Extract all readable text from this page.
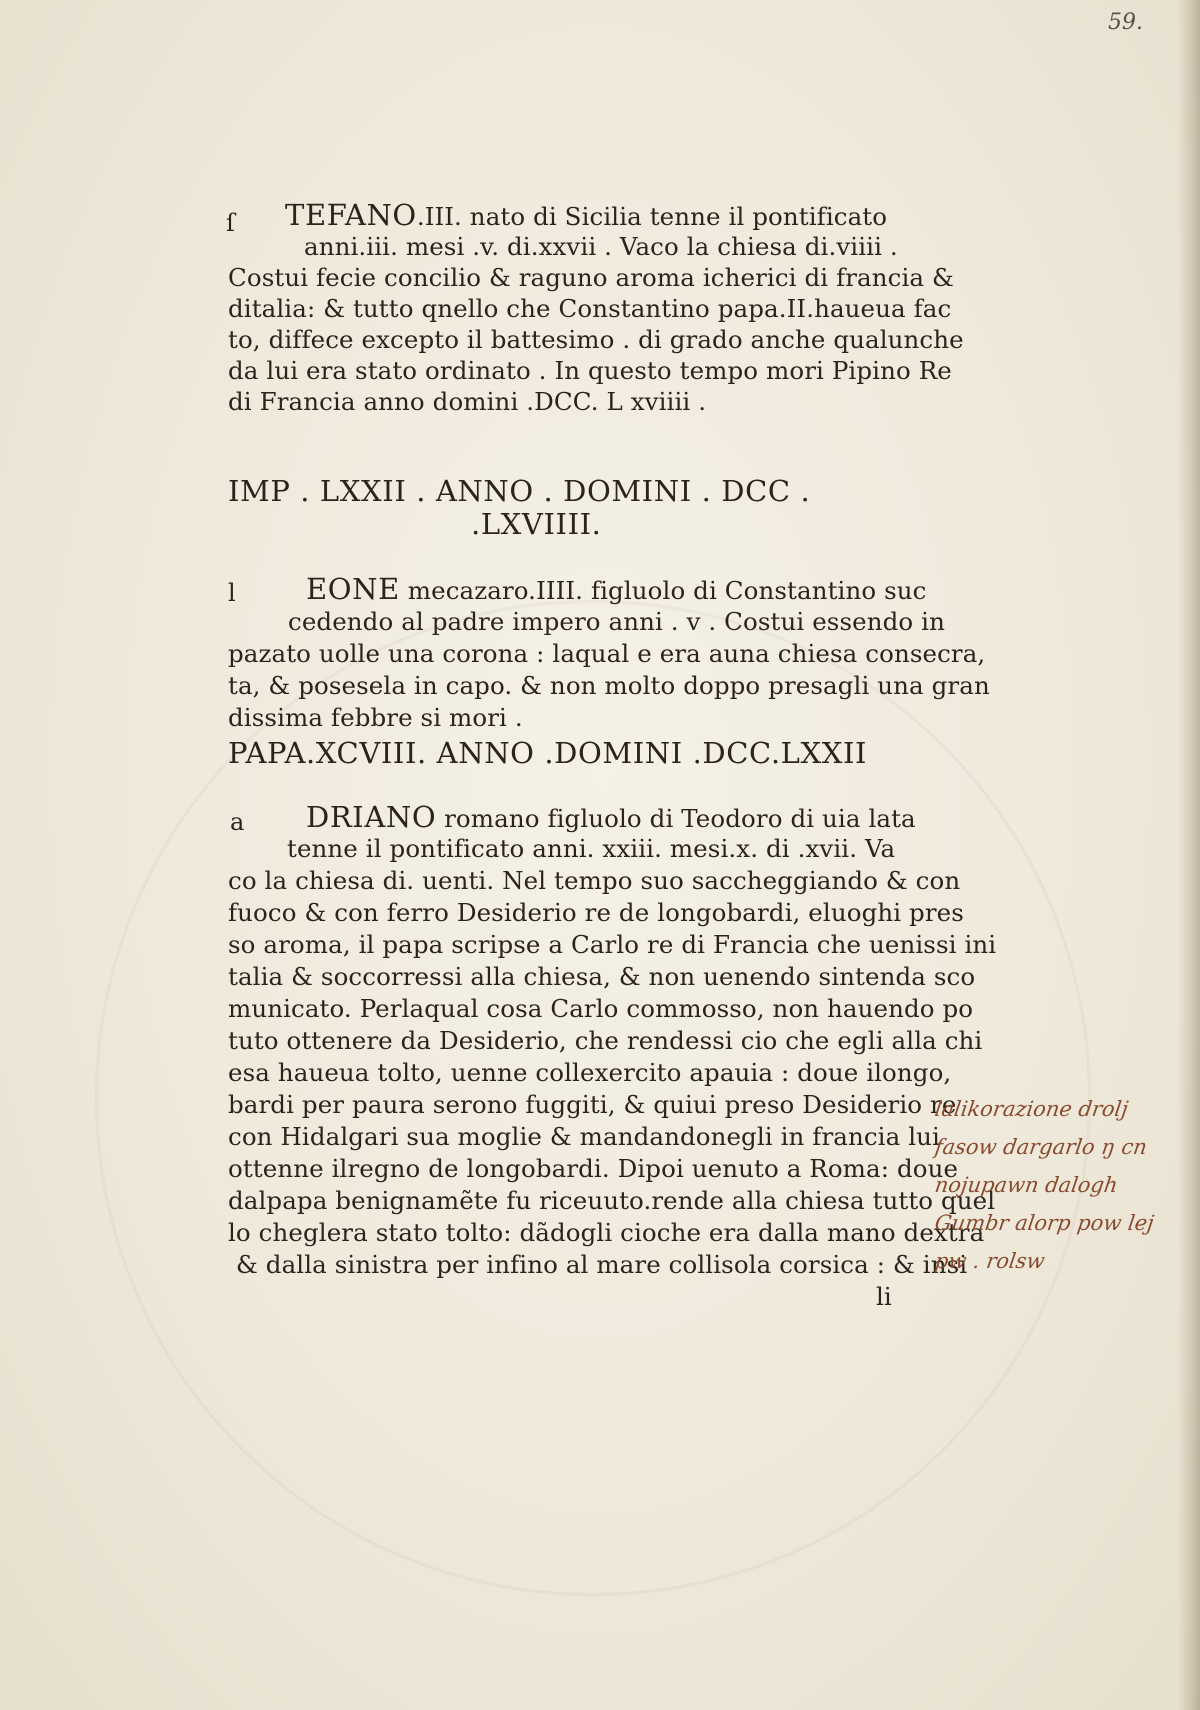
59.
ſ TEFANO.III. nato di Sicilia tenne il pontificato
anni.iii. mesi .v. di.xxvii . Vaco la chiesa di.viiii .
Costui fecie concilio & raguno aroma icherici di francia &
ditalia: & tutto qnello che Constantino papa.II.haueua fac
to, diffece excepto il battesimo . di grado anche qualunche
da lui era stato ordinato . In questo tempo mori Pipino Re
di Francia anno domini .DCC. L xviiii .
IMP . LXXII . ANNO . DOMINI . DCC .
.LXVIIII.
l EONE mecazaro.IIII. figluolo di Constantino suc
cedendo al padre impero anni . v . Costui essendo in
pazato uolle una corona : laqual e era auna chiesa consecra,
ta, & posesela in capo. & non molto doppo presagli una gran
dissima febbre si mori .
PAPA.XCVIII. ANNO .DOMINI .DCC.LXXII
a DRIANO romano figluolo di Teodoro di uia lata
tenne il pontificato anni. xxiii. mesi.x. di .xvii. Va
co la chiesa di. uenti. Nel tempo suo saccheggiando & con
fuoco & con ferro Desiderio re de longobardi, eluoghi pres
so aroma, il papa scripse a Carlo re di Francia che uenissi ini
talia & soccorressi alla chiesa, & non uenendo sintenda sco
municato. Perlaqual cosa Carlo commosso, non hauendo po
tuto ottenere da Desiderio, che rendessi cio che egli alla chi
esa haueua tolto, uenne collexercito apauia : doue ilongo,
bardi per paura serono fuggiti, & quiui preso Desiderio re
con Hidalgari sua moglie & mandandonegli in francia lui
ottenne ilregno de longobardi. Dipoi uenuto a Roma: doue
dalpapa benignamẽte fu riceuuto.rende alla chiesa tutto quel
lo cheglera stato tolto: dãdogli cioche era dalla mano dextra
& dalla sinistra per infino al mare collisola corsica : & insi
li
lalikorazione drolj
fasow dargarlo ŋ cn
nojupawn dalogh
Gumbr alorp pow lej
pw . rolsw
